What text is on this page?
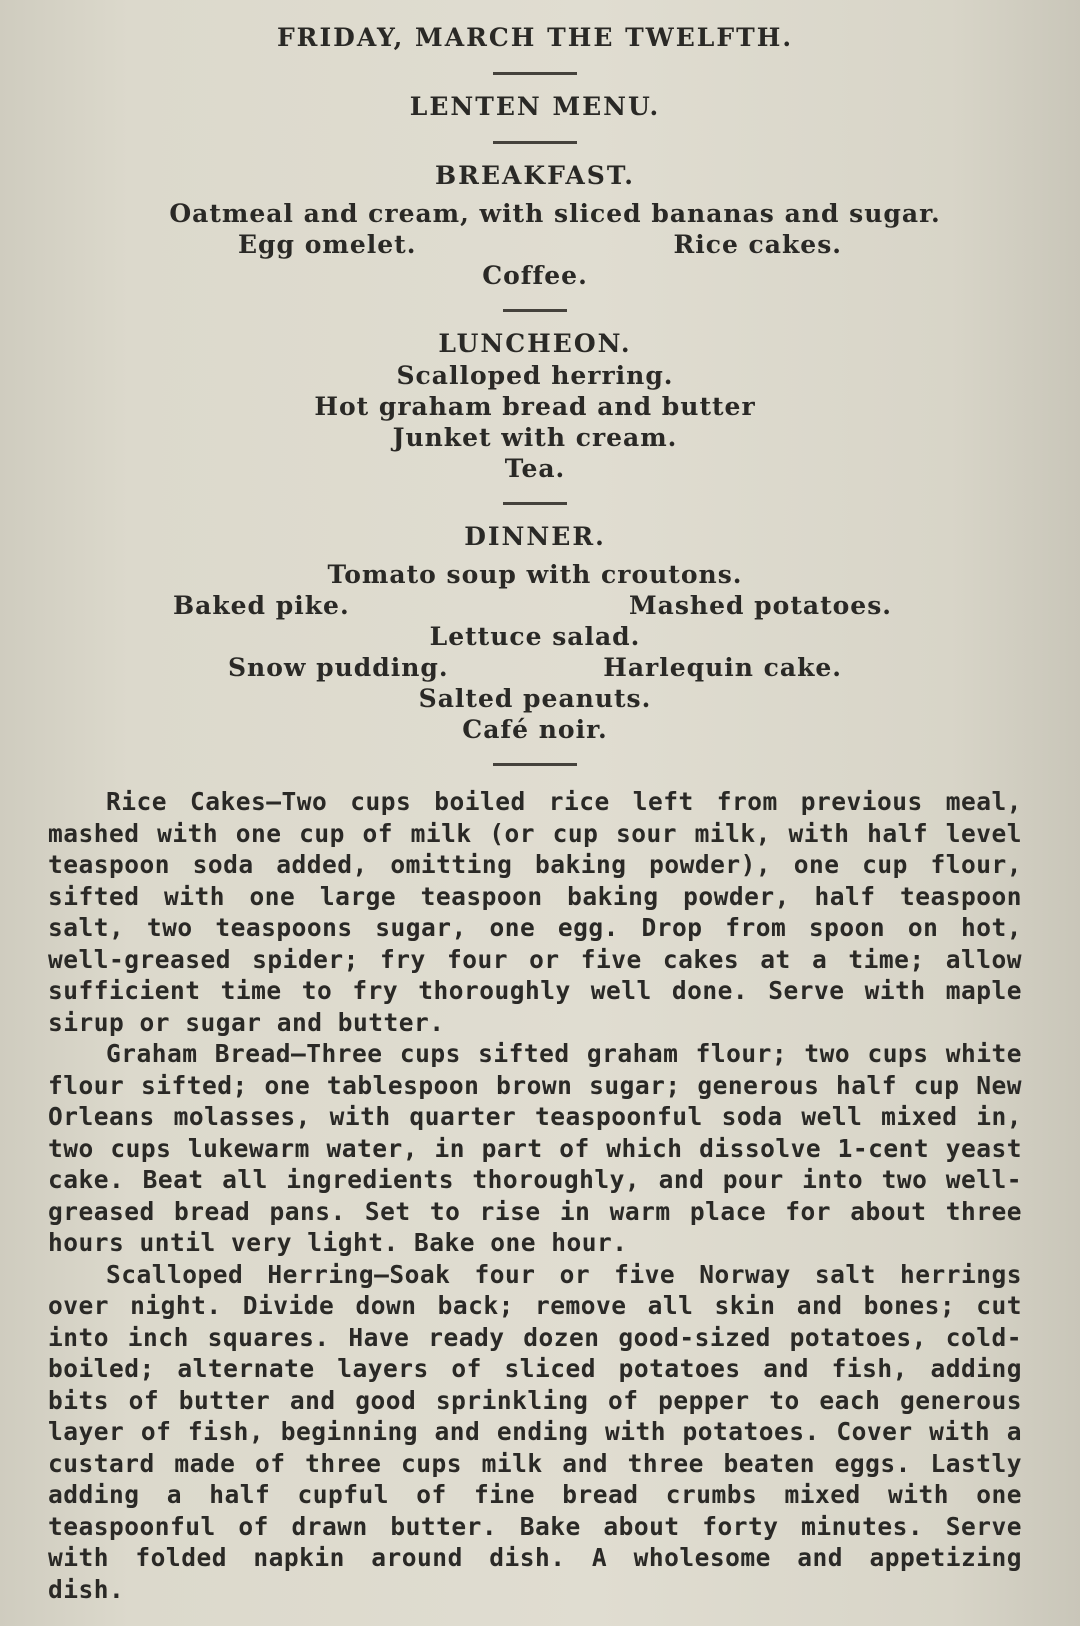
FRIDAY, MARCH THE TWELFTH.
LENTEN MENU.
BREAKFAST.
Oatmeal and cream, with sliced bananas and sugar.
Egg omelet.	Rice cakes.
Coffee.
LUNCHEON.
Scalloped herring.
Hot graham bread and butter
Junket with cream.
Tea.
DINNER.
Tomato soup with croutons.
Baked pike.	Mashed potatoes.
Lettuce salad.
Snow pudding.	Harlequin cake.
Salted peanuts.
Café noir.

Rice Cakes—Two cups boiled rice left from previous meal, mashed with one cup of milk (or cup sour milk, with half level teaspoon soda added, omitting baking powder), one cup flour, sifted with one large teaspoon baking powder, half teaspoon salt, two teaspoons sugar, one egg. Drop from spoon on hot, well-greased spider; fry four or five cakes at a time; allow sufficient time to fry thoroughly well done. Serve with maple sirup or sugar and butter.

Graham Bread—Three cups sifted graham flour; two cups white flour sifted; one tablespoon brown sugar; generous half cup New Orleans molasses, with quarter teaspoonful soda well mixed in, two cups lukewarm water, in part of which dissolve 1-cent yeast cake. Beat all ingredients thoroughly, and pour into two well-greased bread pans. Set to rise in warm place for about three hours until very light. Bake one hour.

Scalloped Herring—Soak four or five Norway salt herrings over night. Divide down back; remove all skin and bones; cut into inch squares. Have ready dozen good-sized potatoes, cold-boiled; alternate layers of sliced potatoes and fish, adding bits of butter and good sprinkling of pepper to each generous layer of fish, beginning and ending with potatoes. Cover with a custard made of three cups milk and three beaten eggs. Lastly adding a half cupful of fine bread crumbs mixed with one teaspoonful of drawn butter. Bake about forty minutes. Serve with folded napkin around dish. A wholesome and appetizing dish.
